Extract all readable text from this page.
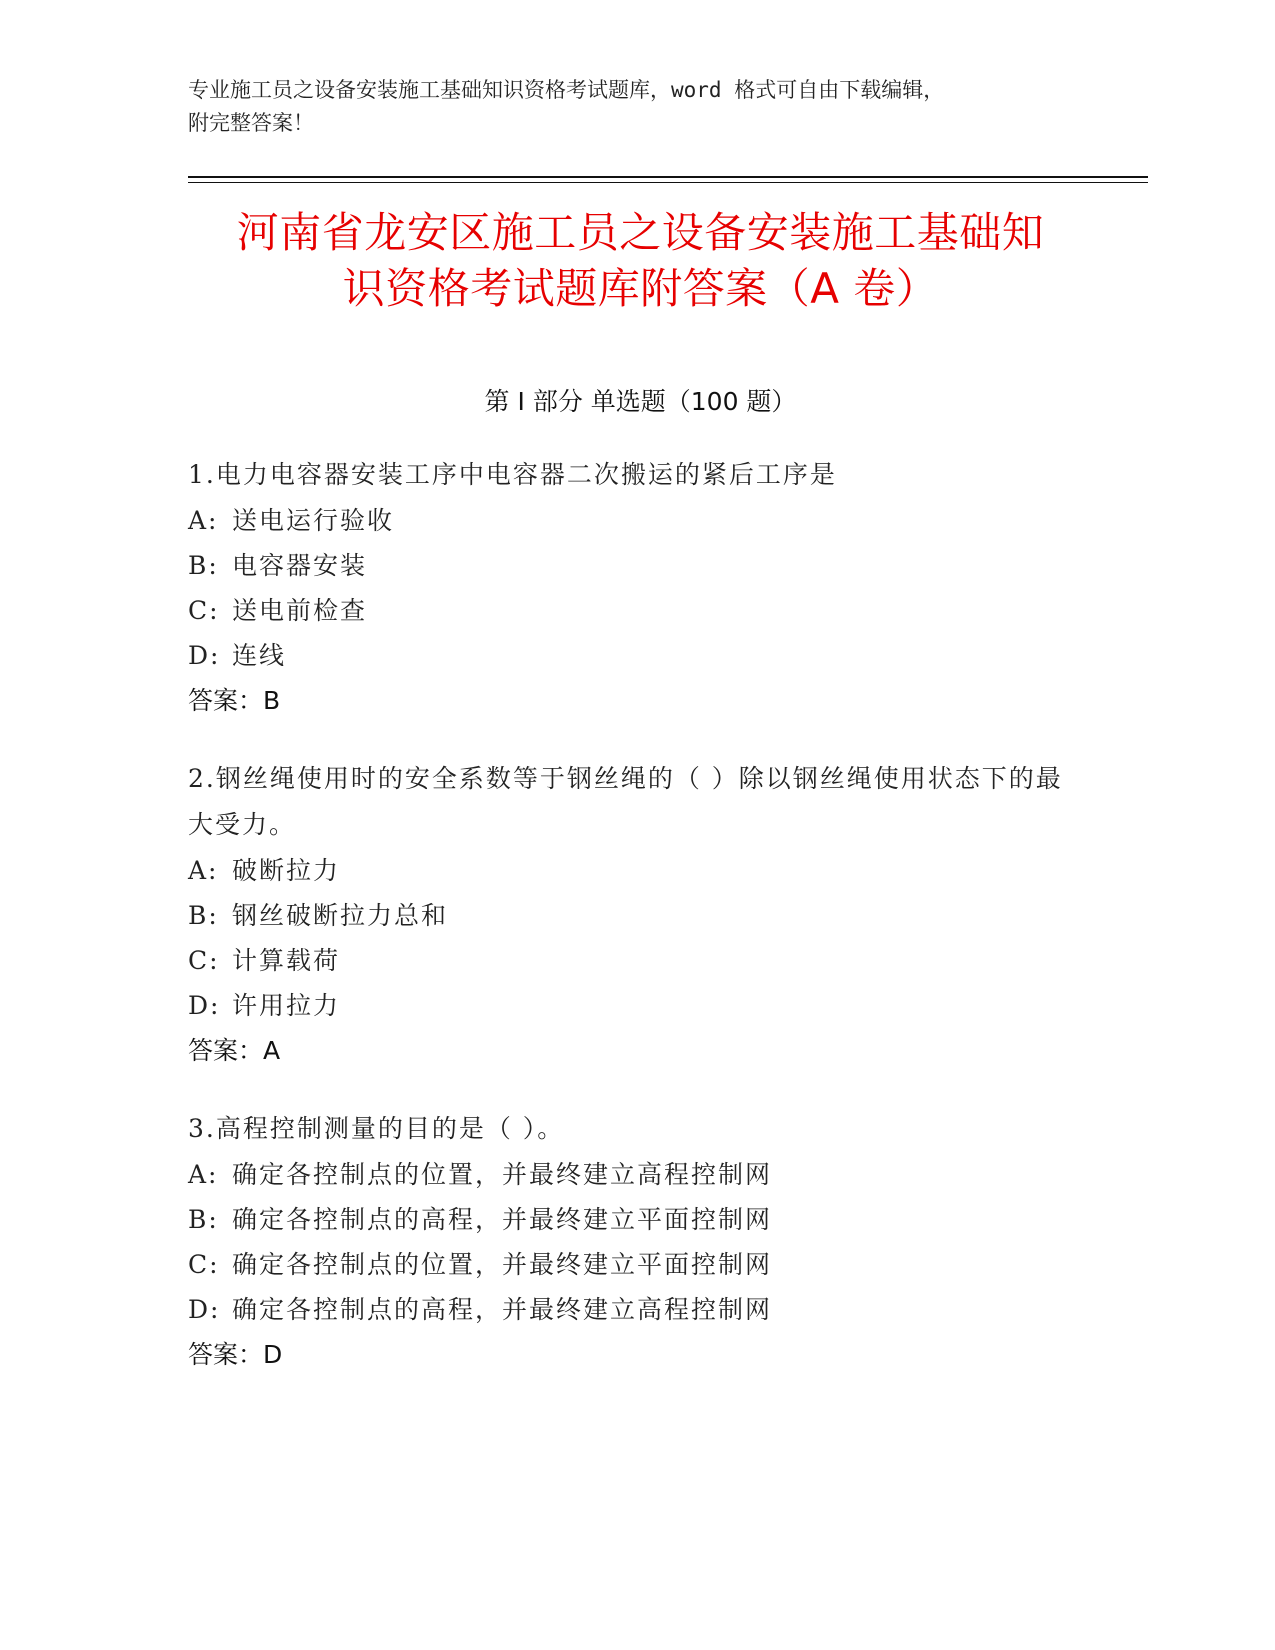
专业施工员之设备安装施工基础知识资格考试题库，word 格式可自由下载编辑，
附完整答案！
河南省龙安区施工员之设备安装施工基础知
识资格考试题库附答案（A 卷）
第 I 部分 单选题（100 题）
1.电力电容器安装工序中电容器二次搬运的紧后工序是
A: 送电运行验收
B: 电容器安装
C: 送电前检查
D: 连线
答案：B
2.钢丝绳使用时的安全系数等于钢丝绳的（ ）除以钢丝绳使用状态下的最大受力。
A: 破断拉力
B: 钢丝破断拉力总和
C: 计算载荷
D: 许用拉力
答案：A
3.高程控制测量的目的是（ ）。
A: 确定各控制点的位置，并最终建立高程控制网
B: 确定各控制点的高程，并最终建立平面控制网
C: 确定各控制点的位置，并最终建立平面控制网
D: 确定各控制点的高程，并最终建立高程控制网
答案：D
